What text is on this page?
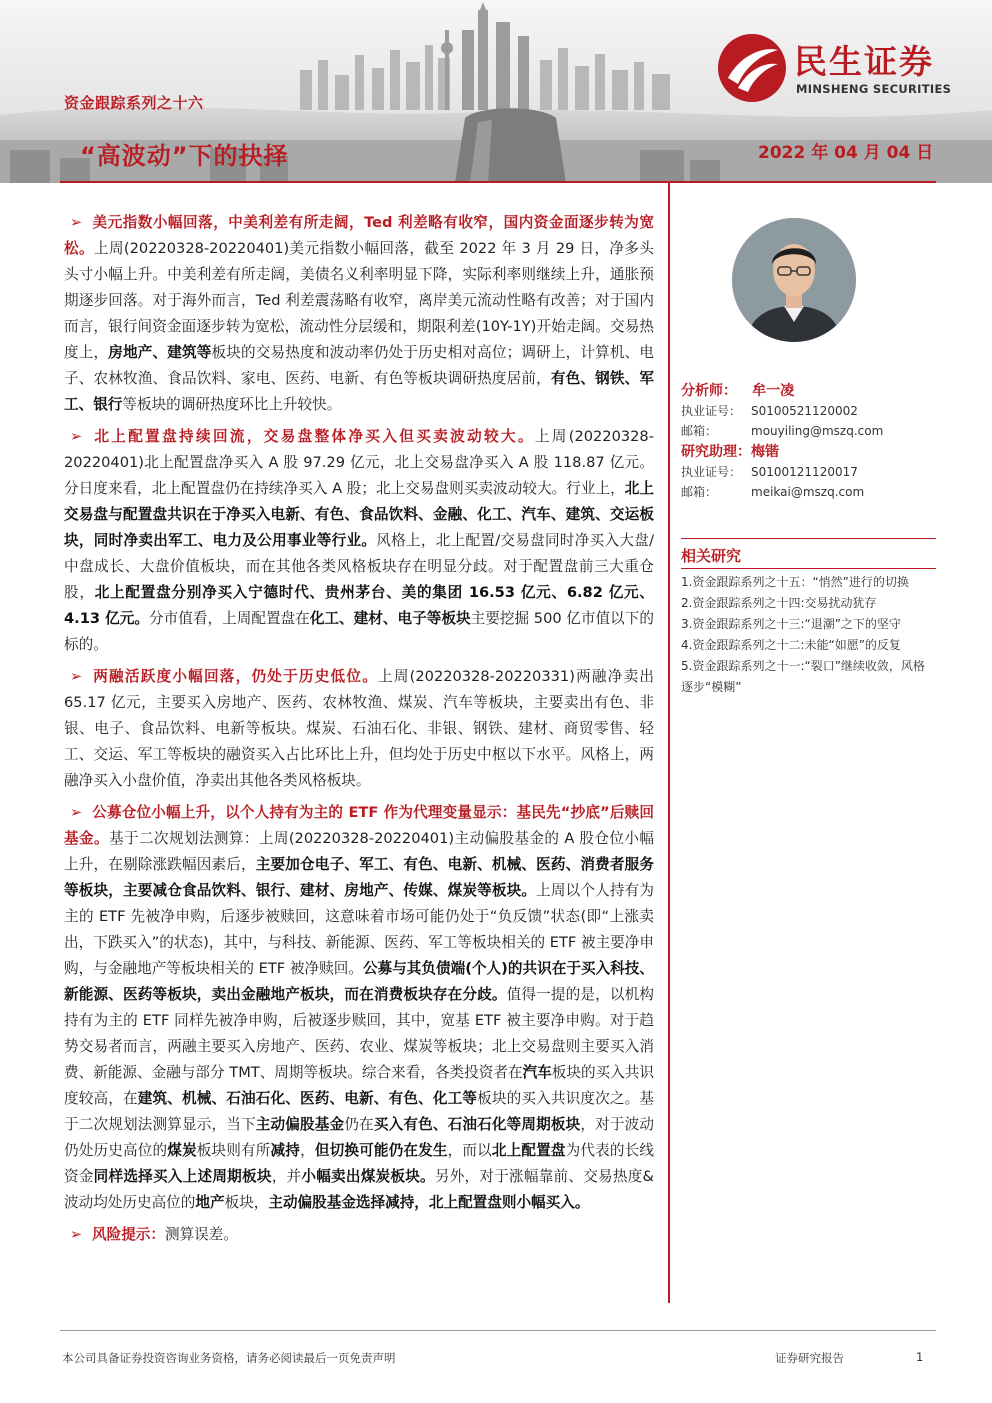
民生证券
MINSHENG SECURITIES
资金跟踪系列之十六
“高波动”下的抉择	2022 年 04 月 04 日

➢ 美元指数小幅回落，中美利差有所走阔，Ted 利差略有收窄，国内资金面逐步转为宽松。上周(20220328-20220401)美元指数小幅回落，截至 2022 年 3 月 29 日，净多头头寸小幅上升。中美利差有所走阔，美债名义利率明显下降，实际利率则继续上升，通胀预期逐步回落。对于海外而言，Ted 利差震荡略有收窄，离岸美元流动性略有改善；对于国内而言，银行间资金面逐步转为宽松，流动性分层缓和，期限利差(10Y-1Y)开始走阔。交易热度上，房地产、建筑等板块的交易热度和波动率仍处于历史相对高位；调研上，计算机、电子、农林牧渔、食品饮料、家电、医药、电新、有色等板块调研热度居前，有色、钢铁、军工、银行等板块的调研热度环比上升较快。

➢ 北上配置盘持续回流，交易盘整体净买入但买卖波动较大。上周(20220328-20220401)北上配置盘净买入 A 股 97.29 亿元，北上交易盘净买入 A 股 118.87 亿元。分日度来看，北上配置盘仍在持续净买入 A 股；北上交易盘则买卖波动较大。行业上，北上交易盘与配置盘共识在于净买入电新、有色、食品饮料、金融、化工、汽车、建筑、交运板块，同时净卖出军工、电力及公用事业等行业。风格上，北上配置/交易盘同时净买入大盘/中盘成长、大盘价值板块，而在其他各类风格板块存在明显分歧。对于配置盘前三大重仓股，北上配置盘分别净买入宁德时代、贵州茅台、美的集团 16.53 亿元、6.82 亿元、4.13 亿元。分市值看，上周配置盘在化工、建材、电子等板块主要挖掘 500 亿市值以下的标的。

➢ 两融活跃度小幅回落，仍处于历史低位。上周(20220328-20220331)两融净卖出 65.17 亿元，主要买入房地产、医药、农林牧渔、煤炭、汽车等板块，主要卖出有色、非银、电子、食品饮料、电新等板块。煤炭、石油石化、非银、钢铁、建材、商贸零售、轻工、交运、军工等板块的融资买入占比环比上升，但均处于历史中枢以下水平。风格上，两融净买入小盘价值，净卖出其他各类风格板块。

➢ 公募仓位小幅上升，以个人持有为主的 ETF 作为代理变量显示：基民先“抄底”后赎回基金。基于二次规划法测算：上周(20220328-20220401)主动偏股基金的 A 股仓位小幅上升，在剔除涨跌幅因素后，主要加仓电子、军工、有色、电新、机械、医药、消费者服务等板块，主要减仓食品饮料、银行、建材、房地产、传媒、煤炭等板块。上周以个人持有为主的 ETF 先被净申购，后逐步被赎回，这意味着市场可能仍处于“负反馈”状态(即“上涨卖出，下跌买入”的状态)，其中，与科技、新能源、医药、军工等板块相关的 ETF 被主要净申购，与金融地产等板块相关的 ETF 被净赎回。公募与其负债端(个人)的共识在于买入科技、新能源、医药等板块，卖出金融地产板块，而在消费板块存在分歧。值得一提的是，以机构持有为主的 ETF 同样先被净申购，后被逐步赎回，其中，宽基 ETF 被主要净申购。对于趋势交易者而言，两融主要买入房地产、医药、农业、煤炭等板块；北上交易盘则主要买入消费、新能源、金融与部分 TMT、周期等板块。综合来看，各类投资者在汽车板块的买入共识度较高，在建筑、机械、石油石化、医药、电新、有色、化工等板块的买入共识度次之。基于二次规划法测算显示，当下主动偏股基金仍在买入有色、石油石化等周期板块，对于波动仍处历史高位的煤炭板块则有所减持，但切换可能仍在发生，而以北上配置盘为代表的长线资金同样选择买入上述周期板块，并小幅卖出煤炭板块。另外，对于涨幅靠前、交易热度&波动均处历史高位的地产板块，主动偏股基金选择减持，北上配置盘则小幅买入。

➢ 风险提示：测算误差。

分析师： 牟一凌
执业证号： S0100521120002
邮箱：	mouyiling@mszq.com
研究助理：梅锴
执业证号： S0100121120017
邮箱：	meikai@mszq.com
相关研究
1.资金跟踪系列之十五：“悄然”进行的切换
2.资金跟踪系列之十四:交易扰动犹存
3.资金跟踪系列之十三:“退潮”之下的坚守
4.资金跟踪系列之十二:未能“如愿”的反复
5.资金跟踪系列之十一:“裂口”继续收敛，风格逐步“模糊”
本公司具备证券投资咨询业务资格，请务必阅读最后一页免责声明	证券研究报告	1
